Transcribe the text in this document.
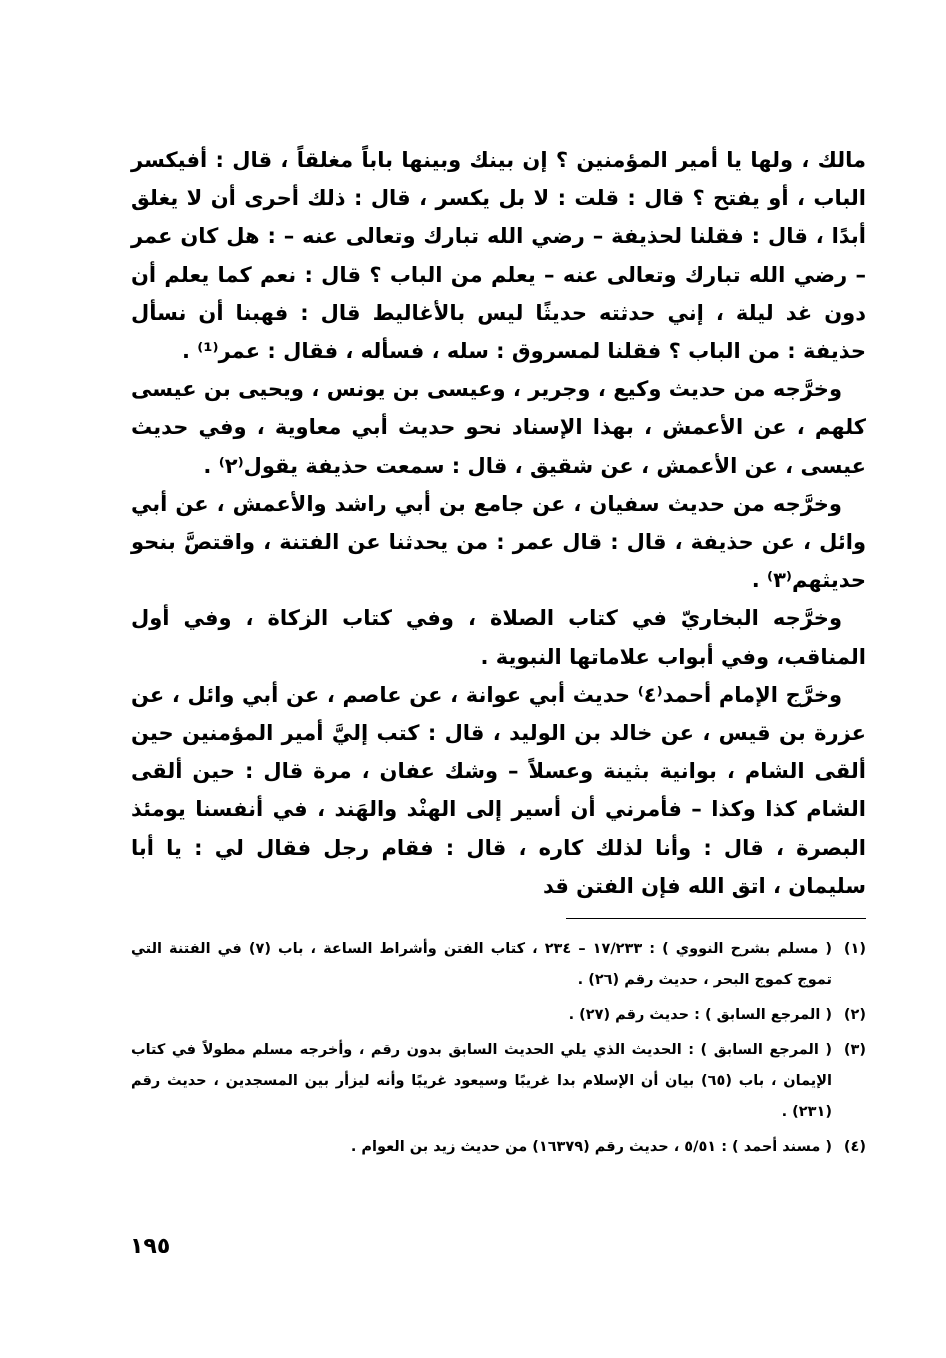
مالك ، ولها يا أمير المؤمنين ؟ إن بينك وبينها باباً مغلقاً ، قال : أفيكسر الباب ، أو يفتح ؟ قال : قلت : لا بل يكسر ، قال : ذلك أحرى أن لا يغلق أبدًا ، قال : فقلنا لحذيفة – رضي الله تبارك وتعالى عنه – : هل كان عمر – رضي الله تبارك وتعالى عنه – يعلم من الباب ؟ قال : نعم كما يعلم أن دون غد ليلة ، إني حدثته حديثًا ليس بالأغاليط قال : فهبنا أن نسأل حذيفة : من الباب ؟ فقلنا لمسروق : سله ، فسأله ، فقال : عمر⁽¹⁾ .

وخرَّجه من حديث وكيع ، وجرير ، وعيسى بن يونس ، ويحيى بن عيسى كلهم ، عن الأعمش ، بهذا الإسناد نحو حديث أبي معاوية ، وفي حديث عيسى ، عن الأعمش ، عن شقيق ، قال : سمعت حذيفة يقول⁽٢⁾ .

وخرَّجه من حديث سفيان ، عن جامع بن أبي راشد والأعمش ، عن أبي وائل ، عن حذيفة ، قال : قال عمر : من يحدثنا عن الفتنة ، واقتصَّ بنحو حديثهم⁽٣⁾ .

وخرَّجه البخاريّ في كتاب الصلاة ، وفي كتاب الزكاة ، وفي أول المناقب، وفي أبواب علاماتها النبوية .

وخرَّج الإمام أحمد⁽٤⁾ حديث أبي عوانة ، عن عاصم ، عن أبي وائل ، عن عزرة بن قيس ، عن خالد بن الوليد ، قال : كتب إليَّ أمير المؤمنين حين ألقى الشام ، بوانية بثينة وعسلاً – وشك عفان ، مرة قال : حين ألقى الشام كذا وكذا – فأمرني أن أسير إلى الهنْد والهَند ، في أنفسنا يومئذ البصرة ، قال : وأنا لذلك كاره ، قال : فقام رجل فقال لي : يا أبا سليمان ، اتق الله فإن الفتن قد

(١)( مسلم بشرح النووي ) : ١٧/٢٣٣ – ٢٣٤ ، كتاب الفتن وأشراط الساعة ، باب (٧) في الفتنة التي تموج كموج البحر ، حديث رقم (٢٦) .

(٢)( المرجع السابق ) : حديث رقم (٢٧) .

(٣)( المرجع السابق ) : الحديث الذي يلي الحديث السابق بدون رقم ، وأخرجه مسلم مطولاً في كتاب الإيمان ، باب (٦٥) بيان أن الإسلام بدا غريبًا وسيعود غريبًا وأنه ليزأر بين المسجدين ، حديث رقم (٢٣١) .

(٤)( مسند أحمد ) : ٥/٥١ ، حديث رقم (١٦٣٧٩) من حديث زيد بن العوام .

١٩٥
